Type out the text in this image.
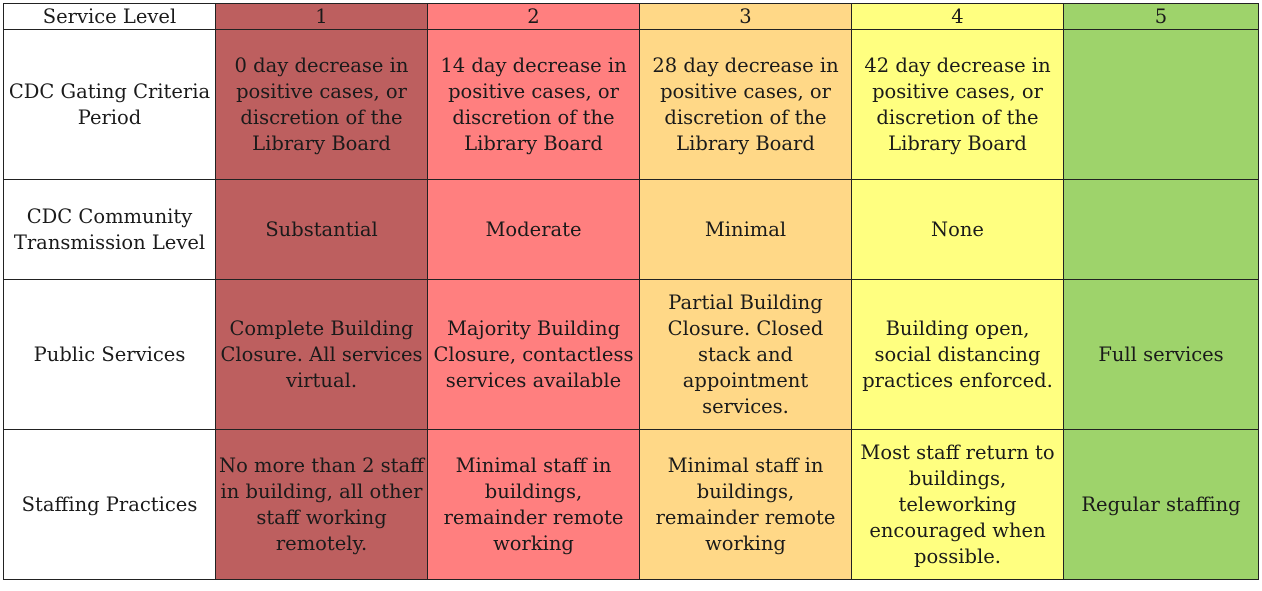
Service Level	1	2	3	4	5
CDC Gating Criteria Period	0 day decrease in positive cases, or discretion of the Library Board	14 day decrease in positive cases, or discretion of the Library Board	28 day decrease in positive cases, or discretion of the Library Board	42 day decrease in positive cases, or discretion of the Library Board	
CDC Community Transmission Level	Substantial	Moderate	Minimal	None	
Public Services	Complete Building Closure. All services virtual.	Majority Building Closure, contactless services available	Partial Building Closure. Closed stack and appointment services.	Building open, social distancing practices enforced.	Full services
Staffing Practices	No more than 2 staff in building, all other staff working remotely.	Minimal staff in buildings, remainder remote working	Minimal staff in buildings, remainder remote working	Most staff return to buildings, teleworking encouraged when possible.	Regular staffing
